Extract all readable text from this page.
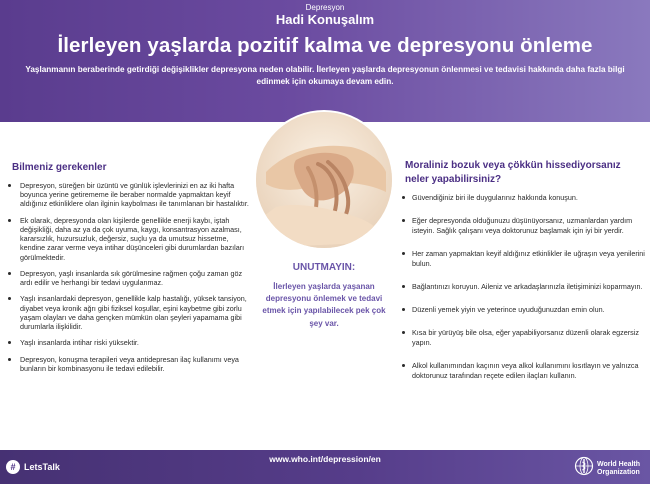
Depresyon
Hadi Konuşalım
İlerleyen yaşlarda pozitif kalma ve depresyonu önleme
Yaşlanmanın beraberinde getirdiği değişiklikler depresyona neden olabilir. İlerleyen yaşlarda depresyonun önlenmesi ve tedavisi hakkında daha fazla bilgi edinmek için okumaya devam edin.
Bilmeniz gerekenler
Depresyon, süreğen bir üzüntü ve günlük işlevlerinizi en az iki hafta boyunca yerine getirememe ile beraber normalde yapmaktan keyif aldığınız etkinliklere olan ilginin kaybolması ile tanımlanan bir hastalıktır.
Ek olarak, depresyonda olan kişilerde genellikle enerji kaybı, iştah değişikliği, daha az ya da çok uyuma, kaygı, konsantrasyon azalması, kararsızlık, huzursuzluk, değersiz, suçlu ya da umutsuz hissetme, kendine zarar verme veya intihar düşünceleri gibi durumlardan bazıları görülmektedir.
Depresyon, yaşlı insanlarda sık görülmesine rağmen çoğu zaman göz ardı edilir ve herhangi bir tedavi uygulanmaz.
Yaşlı insanlardaki depresyon, genellikle kalp hastalığı, yüksek tansiyon, diyabet veya kronik ağrı gibi fiziksel koşullar, eşini kaybetme gibi zorlu yaşam olayları ve daha gençken mümkün olan şeyleri yapamama gibi durumlarla ilişkilidir.
Yaşlı insanlarda intihar riski yüksektir.
Depresyon, konuşma terapileri veya antidepresan ilaç kullanımı veya bunların bir kombinasyonu ile tedavi edilebilir.
UNUTMAYIN:
İlerleyen yaşlarda yaşanan depresyonu önlemek ve tedavi etmek için yapılabilecek pek çok şey var.
Moraliniz bozuk veya çökkün hissediyorsanız neler yapabilirsiniz?
Güvendiğiniz biri ile duygularınız hakkında konuşun.
Eğer depresyonda olduğunuzu düşünüyorsanız, uzmanlardan yardım isteyin. Sağlık çalışanı veya doktorunuz başlamak için iyi bir yerdir.
Her zaman yapmaktan keyif aldığınız etkinlikler ile uğraşın veya yenilerini bulun.
Bağlantınızı koruyun. Aileniz ve arkadaşlarınızla iletişiminizi koparmayın.
Düzenli yemek yiyin ve yeterince uyuduğunuzdan emin olun.
Kısa bir yürüyüş bile olsa, eğer yapabiliyorsanız düzenli olarak egzersiz yapın.
Alkol kullanımından kaçının veya alkol kullanımını kısıtlayın ve yalnızca doktorunuz tarafından reçete edilen ilaçları kullanın.
# LetsTalk
www.who.int/depression/en	World Health Organization
